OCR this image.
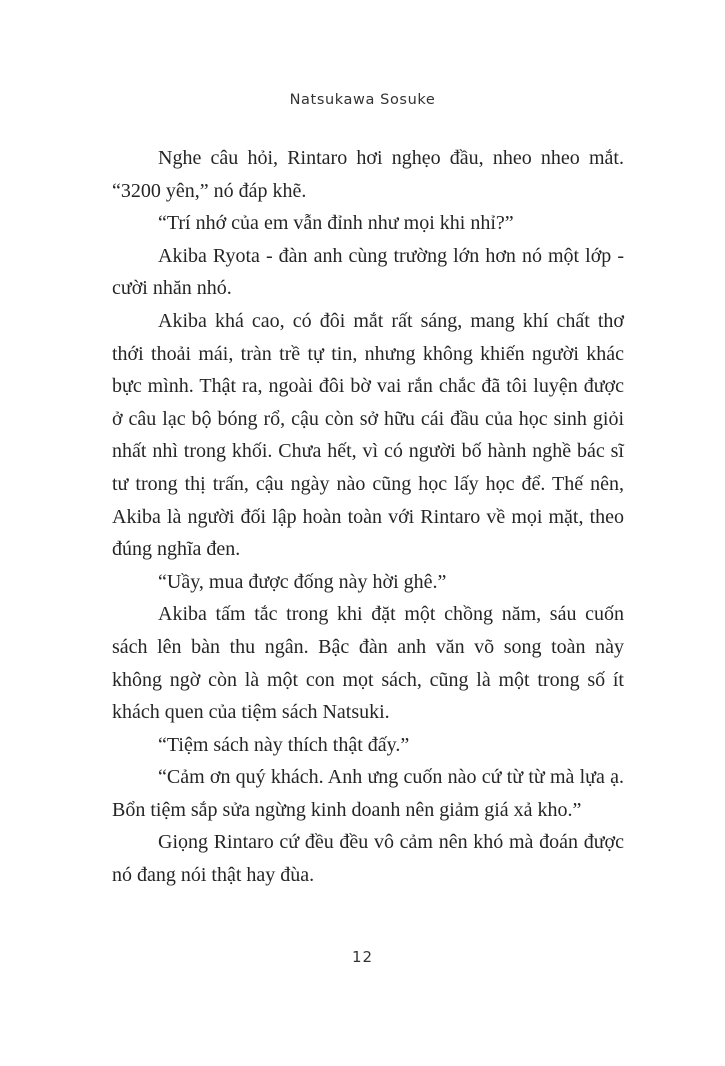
Natsukawa Sosuke

Nghe câu hỏi, Rintaro hơi nghẹo đầu, nheo nheo mắt. “3200 yên,” nó đáp khẽ.

“Trí nhớ của em vẫn đỉnh như mọi khi nhỉ?”

Akiba Ryota - đàn anh cùng trường lớn hơn nó một lớp - cười nhăn nhó.

Akiba khá cao, có đôi mắt rất sáng, mang khí chất thơ thới thoải mái, tràn trề tự tin, nhưng không khiến người khác bực mình. Thật ra, ngoài đôi bờ vai rắn chắc đã tôi luyện được ở câu lạc bộ bóng rổ, cậu còn sở hữu cái đầu của học sinh giỏi nhất nhì trong khối. Chưa hết, vì có người bố hành nghề bác sĩ tư trong thị trấn, cậu ngày nào cũng học lấy học để. Thế nên, Akiba là người đối lập hoàn toàn với Rintaro về mọi mặt, theo đúng nghĩa đen.

“Uầy, mua được đống này hời ghê.”

Akiba tấm tắc trong khi đặt một chồng năm, sáu cuốn sách lên bàn thu ngân. Bậc đàn anh văn võ song toàn này không ngờ còn là một con mọt sách, cũng là một trong số ít khách quen của tiệm sách Natsuki.

“Tiệm sách này thích thật đấy.”

“Cảm ơn quý khách. Anh ưng cuốn nào cứ từ từ mà lựa ạ. Bổn tiệm sắp sửa ngừng kinh doanh nên giảm giá xả kho.”

Giọng Rintaro cứ đều đều vô cảm nên khó mà đoán được nó đang nói thật hay đùa.

12
